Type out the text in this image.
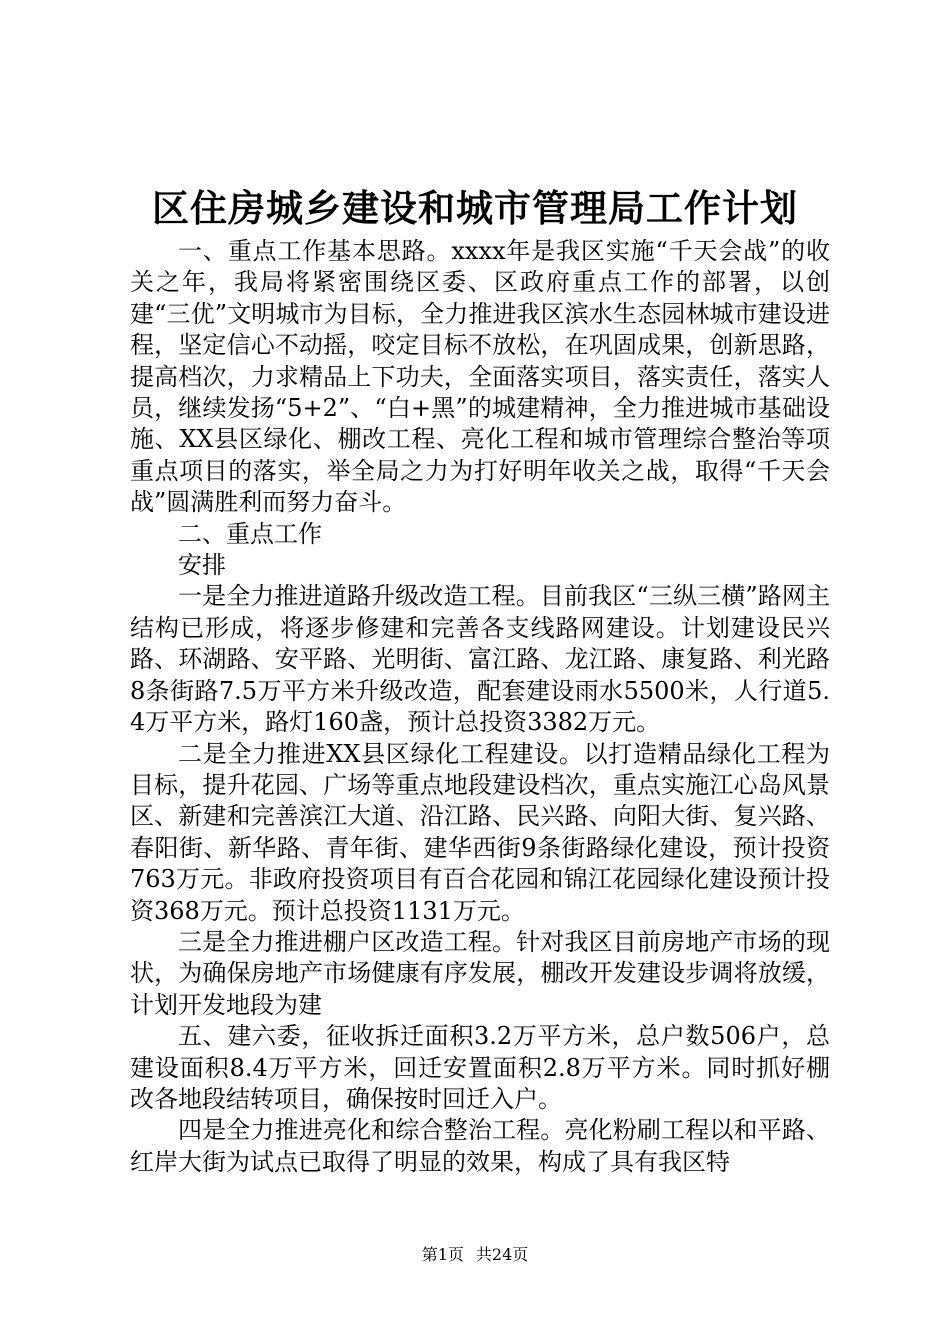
区住房城乡建设和城市管理局工作计划

一、重点工作基本思路。xxxx年是我区实施“千天会战”的收关之年，我局将紧密围绕区委、区政府重点工作的部署，以创建“三优”文明城市为目标，全力推进我区滨水生态园林城市建设进程，坚定信心不动摇，咬定目标不放松，在巩固成果，创新思路，提高档次，力求精品上下功夫，全面落实项目，落实责任，落实人员，继续发扬“5+2”、“白+黑”的城建精神，全力推进城市基础设施、XX县区绿化、棚改工程、亮化工程和城市管理综合整治等项重点项目的落实，举全局之力为打好明年收关之战，取得“千天会战”圆满胜利而努力奋斗。

二、重点工作

安排

一是全力推进道路升级改造工程。目前我区“三纵三横”路网主结构已形成，将逐步修建和完善各支线路网建设。计划建设民兴路、环湖路、安平路、光明街、富江路、龙江路、康复路、利光路8条街路7.5万平方米升级改造，配套建设雨水5500米，人行道5.4万平方米，路灯160盏，预计总投资3382万元。

二是全力推进XX县区绿化工程建设。以打造精品绿化工程为目标，提升花园、广场等重点地段建设档次，重点实施江心岛风景区、新建和完善滨江大道、沿江路、民兴路、向阳大街、复兴路、春阳街、新华路、青年街、建华西街9条街路绿化建设，预计投资763万元。非政府投资项目有百合花园和锦江花园绿化建设预计投资368万元。预计总投资1131万元。

三是全力推进棚户区改造工程。针对我区目前房地产市场的现状，为确保房地产市场健康有序发展，棚改开发建设步调将放缓，计划开发地段为建

五、建六委，征收拆迁面积3.2万平方米，总户数506户，总建设面积8.4万平方米，回迁安置面积2.8万平方米。同时抓好棚改各地段结转项目，确保按时回迁入户。

四是全力推进亮化和综合整治工程。亮化粉刷工程以和平路、红岸大街为试点已取得了明显的效果，构成了具有我区特

第1页 共24页
